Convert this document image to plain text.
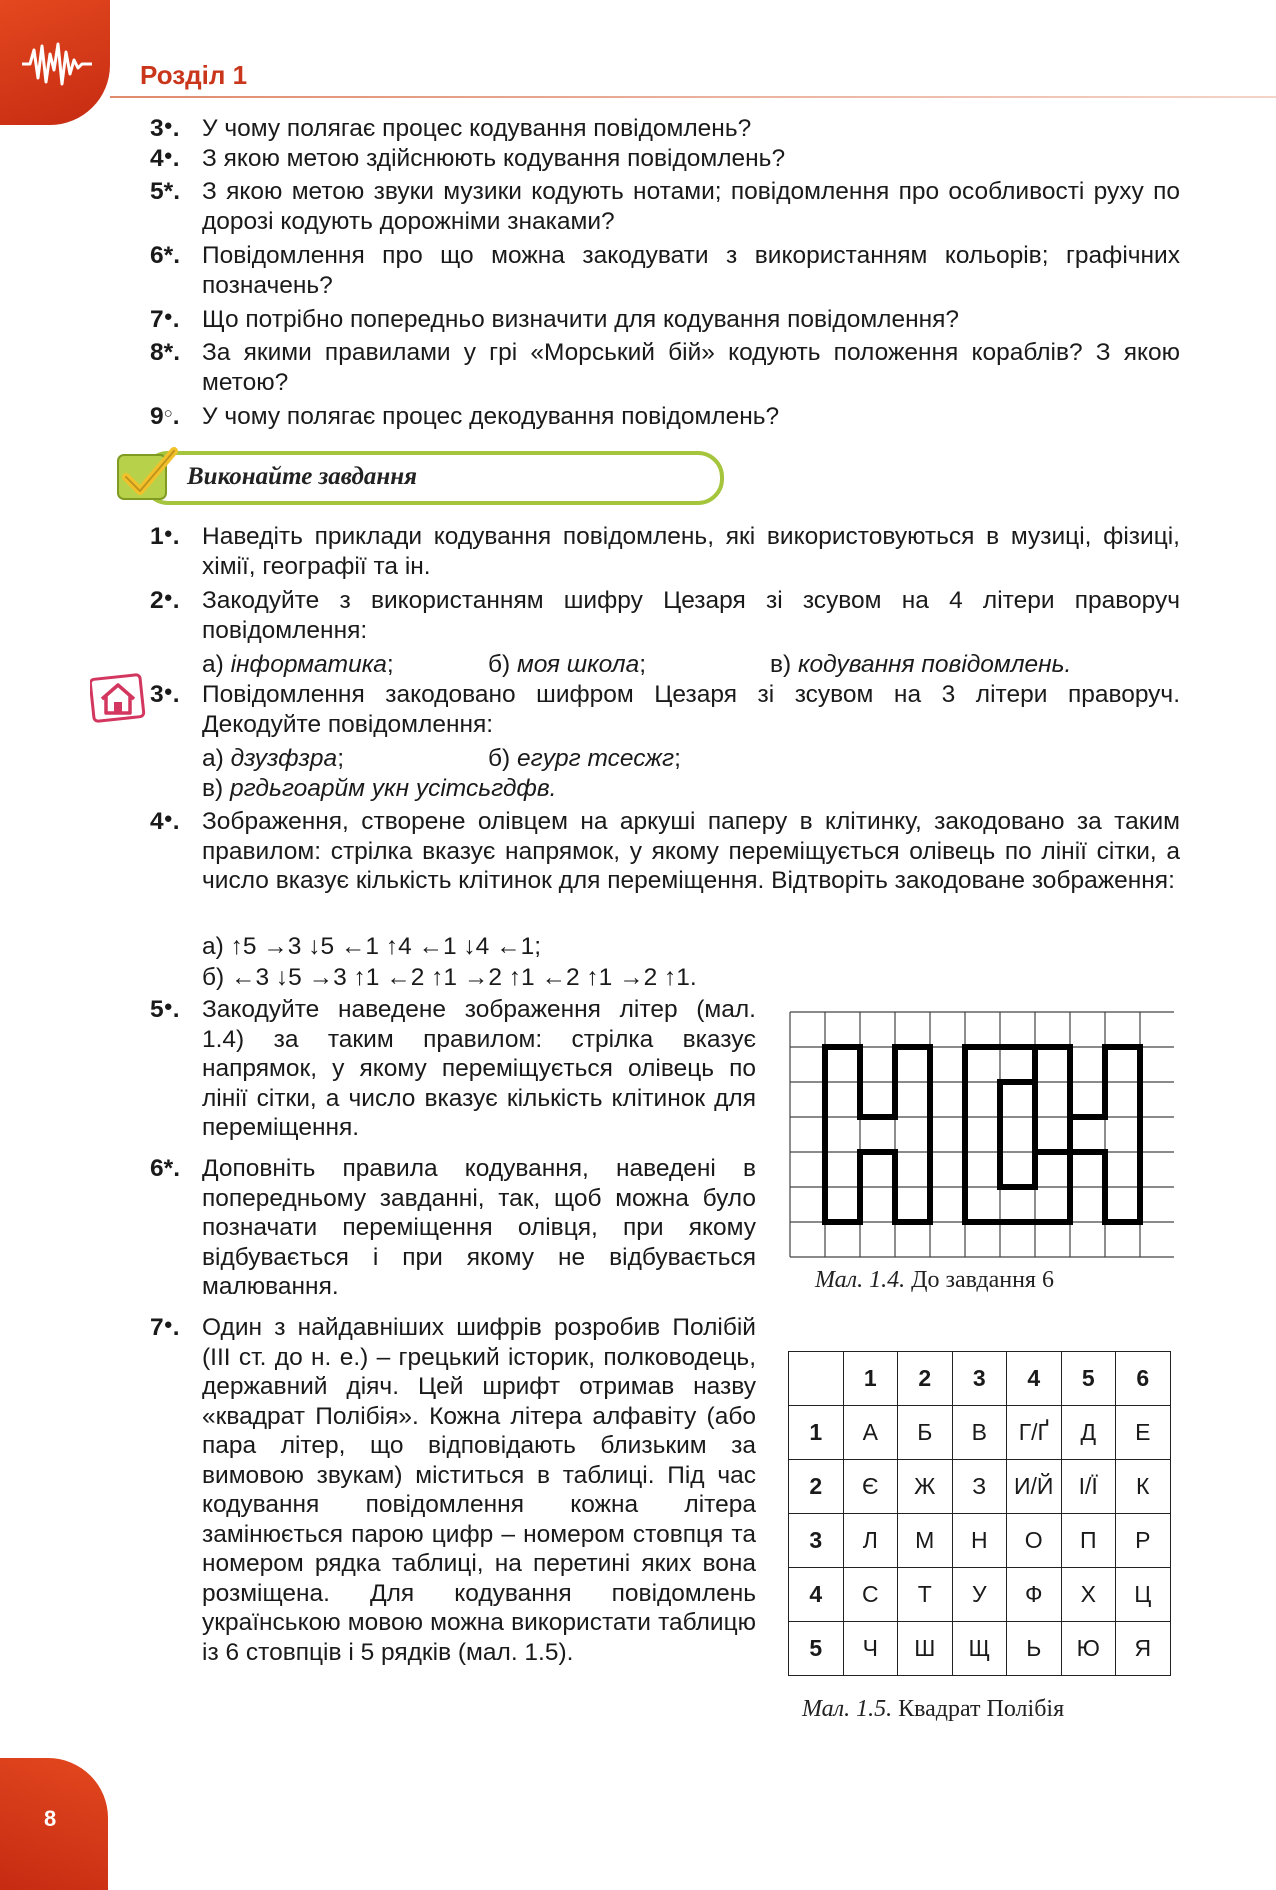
Розділ 1
3●. У чому полягає процес кодування повідомлень?
4●. З якою метою здійснюють кодування повідомлень?
5*. З якою метою звуки музики кодують нотами; повідомлення про особливості руху по дорозі кодують дорожніми знаками?
6*. Повідомлення про що можна закодувати з використанням кольорів; графічних позначень?
7●. Що потрібно попередньо визначити для кодування повідомлення?
8*. За якими правилами у грі «Морський бій» кодують положення кораблів? З якою метою?
9○. У чому полягає процес декодування повідомлень?
Виконайте завдання
1●. Наведіть приклади кодування повідомлень, які використовуються в музиці, фізиці, хімії, географії та ін.
2●. Закодуйте з використанням шифру Цезаря зі зсувом на 4 літери праворуч повідомлення:
а) інформатика;	б) моя школа;	в) кодування повідомлень.
3●. Повідомлення закодовано шифром Цезаря зі зсувом на 3 літери праворуч. Декодуйте повідомлення:
а) дзузфзра;	б) егург тсесжг;
в) ргдьгоарйм укн усітсьгдфв.
4●. Зображення, створене олівцем на аркуші паперу в клітинку, закодовано за таким правилом: стрілка вказує напрямок, у якому переміщується олівець по лінії сітки, а число вказує кількість клітинок для переміщення. Відтворіть закодоване зображення:
а) ↑5 →3 ↓5 ←1 ↑4 ←1 ↓4 ←1;
б) ←3 ↓5 →3 ↑1 ←2 ↑1 →2 ↑1 ←2 ↑1 →2 ↑1.
5●. Закодуйте наведене зображення літер (мал. 1.4) за таким правилом: стрілка вказує напрямок, у якому переміщується олівець по лінії сітки, а число вказує кількість клітинок для переміщення.
6*. Доповніть правила кодування, наведені в попередньому завданні, так, щоб можна було позначати переміщення олівця, при якому відбувається і при якому не відбувається малювання.
7●. Один з найдавніших шифрів розробив Полібій (ІІІ ст. до н. е.) – грецький історик, полководець, державний діяч. Цей шрифт отримав назву «квадрат Полібія». Кожна літера алфавіту (або пара літер, що відповідають близьким за вимовою звукам) міститься в таблиці. Під час кодування повідомлення кожна літера замінюється парою цифр – номером стовпця та номером рядка таблиці, на перетині яких вона розміщена. Для кодування повідомлень українською мовою можна використати таблицю із 6 стовпців і 5 рядків (мал. 1.5).
Мал. 1.4. До завдання 6
	1	2	3	4	5	6
1	А	Б	В	Г/Ґ	Д	Е
2	Є	Ж	З	И/Й	І/Ї	К
3	Л	М	Н	О	П	Р
4	С	Т	У	Ф	Х	Ц
5	Ч	Ш	Щ	Ь	Ю	Я
Мал. 1.5. Квадрат Полібія
8
